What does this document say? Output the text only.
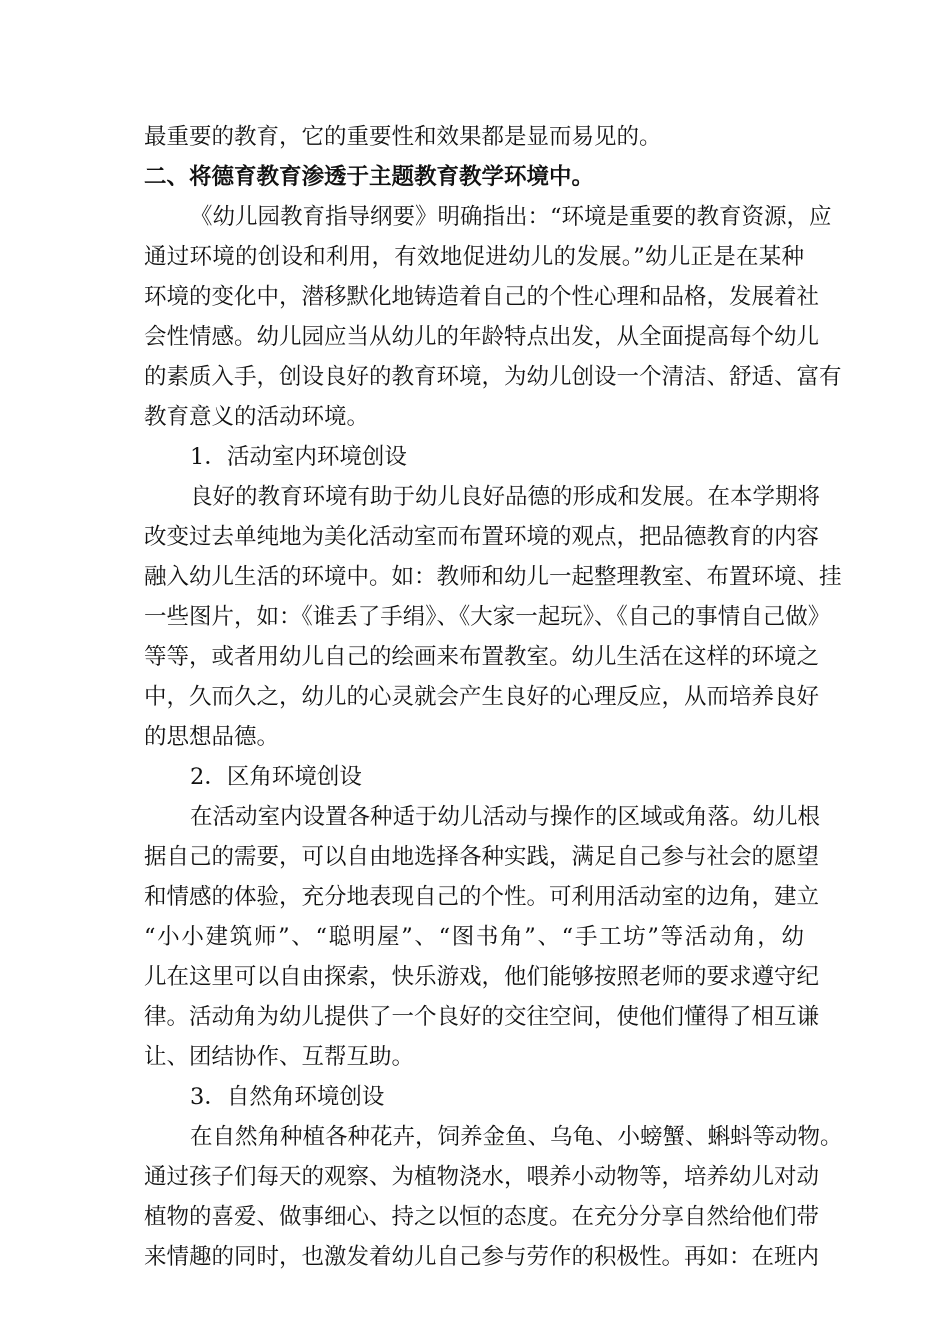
最重要的教育，它的重要性和效果都是显而易见的。
二、将德育教育渗透于主题教育教学环境中。
《幼儿园教育指导纲要》明确指出：“环境是重要的教育资源，应
通过环境的创设和利用，有效地促进幼儿的发展。”幼儿正是在某种
环境的变化中，潜移默化地铸造着自己的个性心理和品格，发展着社
会性情感。幼儿园应当从幼儿的年龄特点出发，从全面提高每个幼儿
的素质入手，创设良好的教育环境，为幼儿创设一个清洁、舒适、富有
教育意义的活动环境。
1．活动室内环境创设
良好的教育环境有助于幼儿良好品德的形成和发展。在本学期将
改变过去单纯地为美化活动室而布置环境的观点，把品德教育的内容
融入幼儿生活的环境中。如：教师和幼儿一起整理教室、布置环境、挂
一些图片，如：《谁丢了手绢》、《大家一起玩》、《自己的事情自己做》
等等，或者用幼儿自己的绘画来布置教室。幼儿生活在这样的环境之
中，久而久之，幼儿的心灵就会产生良好的心理反应，从而培养良好
的思想品德。
2．区角环境创设
在活动室内设置各种适于幼儿活动与操作的区域或角落。幼儿根
据自己的需要，可以自由地选择各种实践，满足自己参与社会的愿望
和情感的体验，充分地表现自己的个性。可利用活动室的边角，建立
“小小建筑师”、“聪明屋”、“图书角”、“手工坊”等活动角，幼
儿在这里可以自由探索，快乐游戏，他们能够按照老师的要求遵守纪
律。活动角为幼儿提供了一个良好的交往空间，使他们懂得了相互谦
让、团结协作、互帮互助。
3．自然角环境创设
在自然角种植各种花卉，饲养金鱼、乌龟、小螃蟹、蝌蚪等动物。
通过孩子们每天的观察、为植物浇水，喂养小动物等，培养幼儿对动
植物的喜爱、做事细心、持之以恒的态度。在充分分享自然给他们带
来情趣的同时，也激发着幼儿自己参与劳作的积极性。再如：在班内
